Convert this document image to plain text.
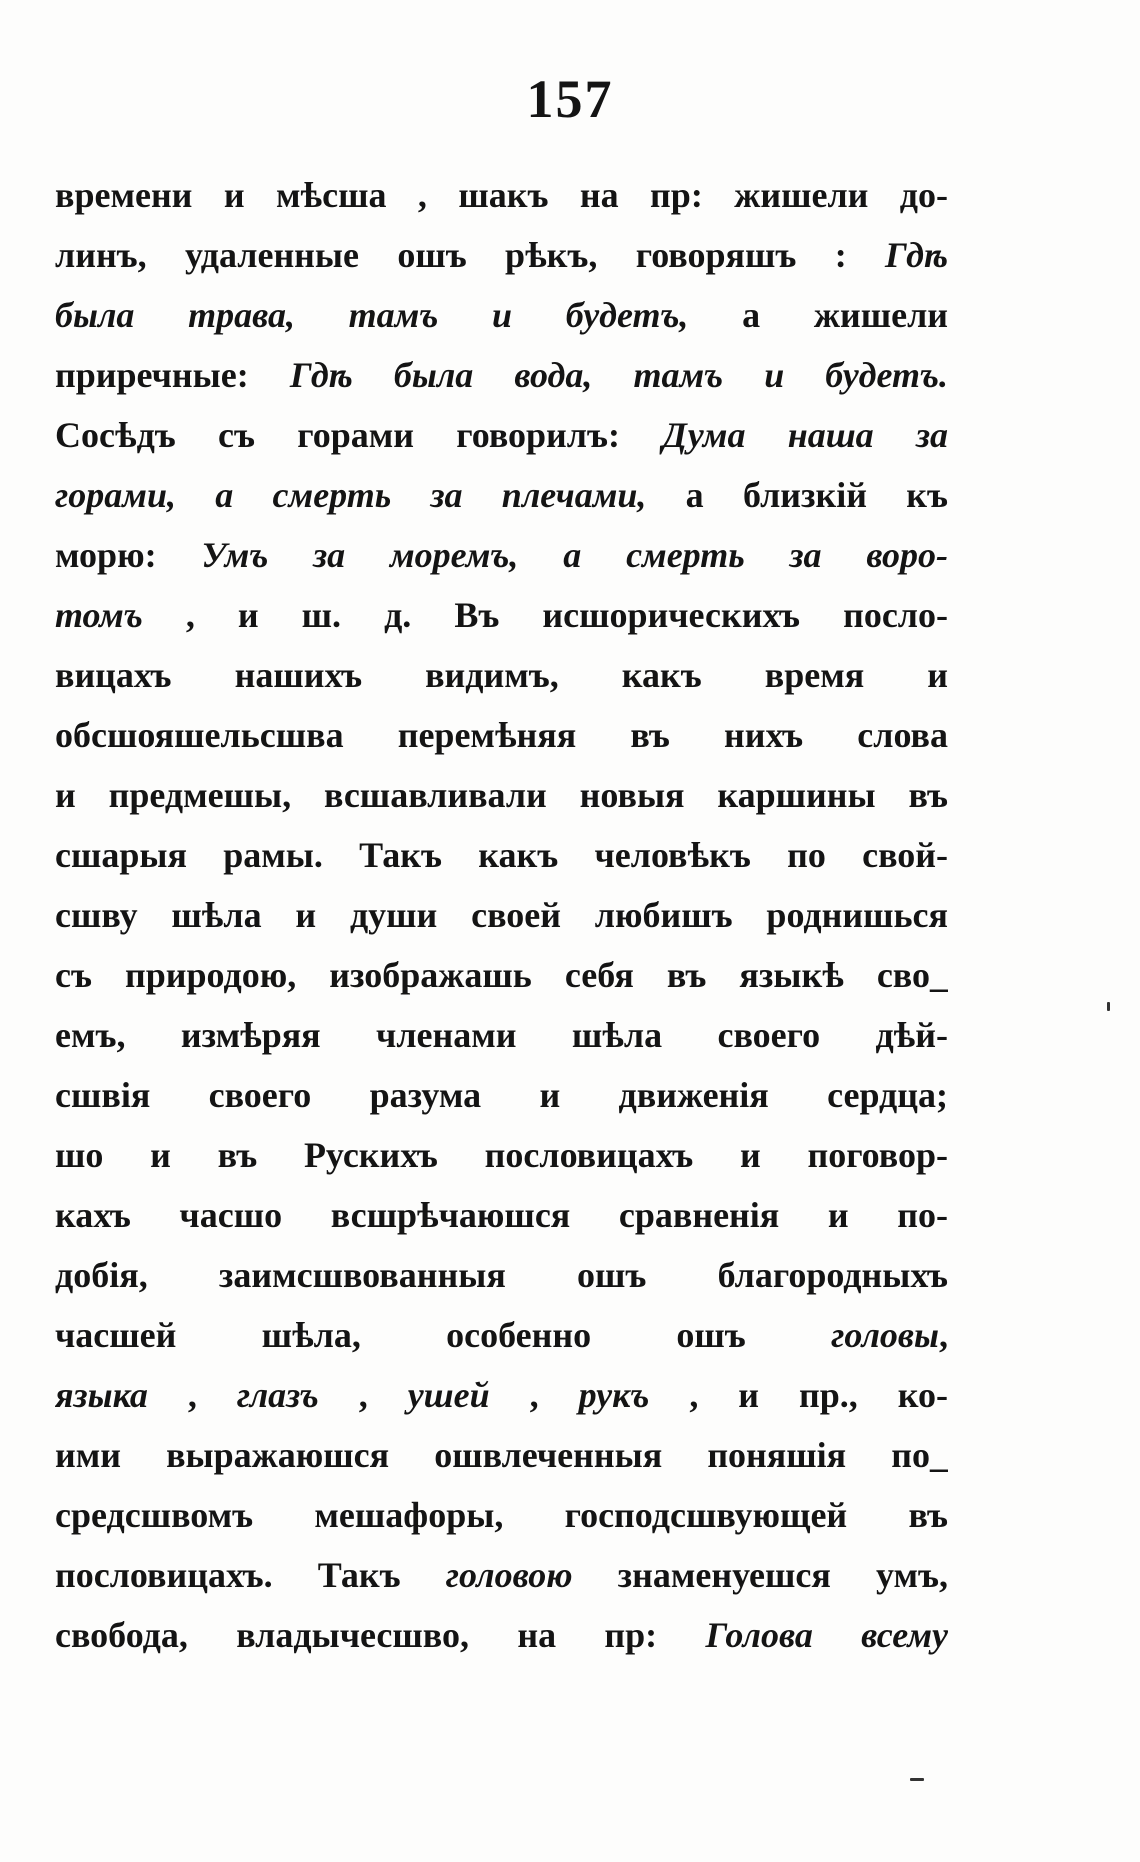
157
времени и мѣсша , шакъ на пр: жишели до-
линъ, удаленные ошъ рѣкъ, говоряшъ : Гдѣ
была трава, тамъ и будетъ, а жишели
приречные: Гдѣ была вода, тамъ и будетъ.
Сосѣдъ съ горами говорилъ: Дума наша за
горами, а смерть за плечами, а близкій къ
морю: Умъ за моремъ, а смерть за воро-
томъ , и ш. д. Въ исшорическихъ посло-
вицахъ нашихъ видимъ, какъ время и
обсшояшельсшва перемѣняя въ нихъ слова
и предмешы, всшавливали новыя каршины въ
сшарыя рамы. Такъ какъ человѣкъ по свой-
сшву шѣла и души своей любишъ роднишься
съ природою, изображашь себя въ языкѣ сво_
емъ, измѣряя членами шѣла своего дѣй-
сшвія своего разума и движенія сердца;
шо и въ Рускихъ пословицахъ и поговор-
кахъ часшо всшрѣчаюшся сравненія и по-
добія, заимсшвованныя ошъ благородныхъ
часшей шѣла, особенно ошъ головы,
языка , глазъ , ушей , рукъ , и пр., ко-
ими выражаюшся ошвлеченныя поняшія по_
средсшвомъ мешафоры, господсшвующей въ
пословицахъ. Такъ головою знаменуешся умъ,
свобода, владычесшво, на пр: Голова всему
